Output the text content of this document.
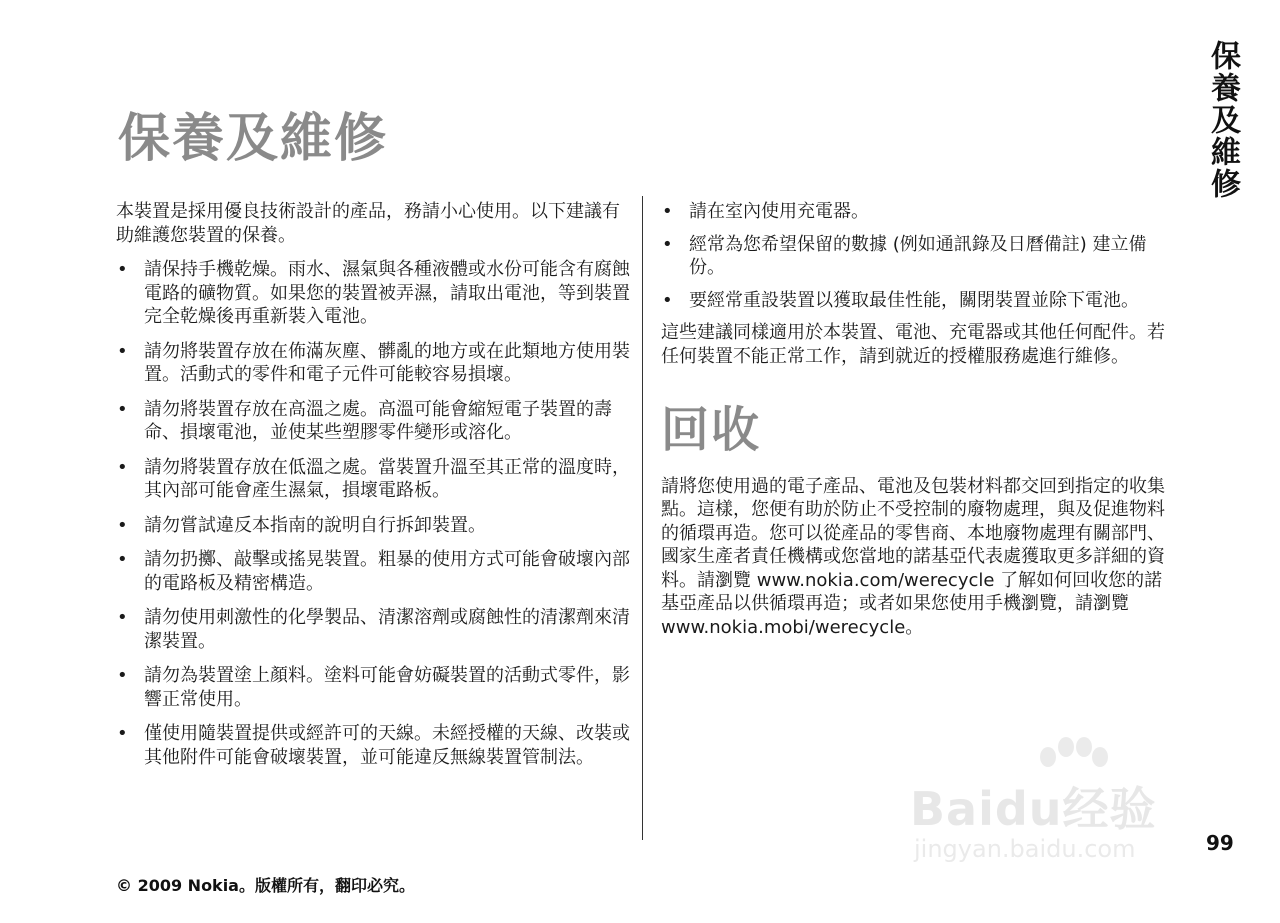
保養及維修
保養及維修

本裝置是採用優良技術設計的產品，務請小心使用。以下建議有助維護您裝置的保養。

• 請保持手機乾燥。雨水、濕氣與各種液體或水份可能含有腐蝕電路的礦物質。如果您的裝置被弄濕，請取出電池，等到裝置完全乾燥後再重新裝入電池。
• 請勿將裝置存放在佈滿灰塵、髒亂的地方或在此類地方使用裝置。活動式的零件和電子元件可能較容易損壞。
• 請勿將裝置存放在高溫之處。高溫可能會縮短電子裝置的壽命、損壞電池，並使某些塑膠零件變形或溶化。
• 請勿將裝置存放在低溫之處。當裝置升溫至其正常的溫度時，其內部可能會產生濕氣，損壞電路板。
• 請勿嘗試違反本指南的說明自行拆卸裝置。
• 請勿扔擲、敲擊或搖晃裝置。粗暴的使用方式可能會破壞內部的電路板及精密構造。
• 請勿使用刺激性的化學製品、清潔溶劑或腐蝕性的清潔劑來清潔裝置。
• 請勿為裝置塗上顏料。塗料可能會妨礙裝置的活動式零件，影響正常使用。
• 僅使用隨裝置提供或經許可的天線。未經授權的天線、改裝或其他附件可能會破壞裝置，並可能違反無線裝置管制法。
• 請在室內使用充電器。
• 經常為您希望保留的數據 (例如通訊錄及日曆備註) 建立備份。
• 要經常重設裝置以獲取最佳性能，關閉裝置並除下電池。

這些建議同樣適用於本裝置、電池、充電器或其他任何配件。若任何裝置不能正常工作，請到就近的授權服務處進行維修。

回收

請將您使用過的電子產品、電池及包裝材料都交回到指定的收集點。這樣，您便有助於防止不受控制的廢物處理，與及促進物料的循環再造。您可以從產品的零售商、本地廢物處理有關部門、國家生產者責任機構或您當地的諾基亞代表處獲取更多詳細的資料。請瀏覽 www.nokia.com/werecycle 了解如何回收您的諾基亞產品以供循環再造；或者如果您使用手機瀏覽，請瀏覽 www.nokia.mobi/werecycle。

99
© 2009 Nokia。版權所有，翻印必究。
Baidu经验
jingyan.baidu.com
